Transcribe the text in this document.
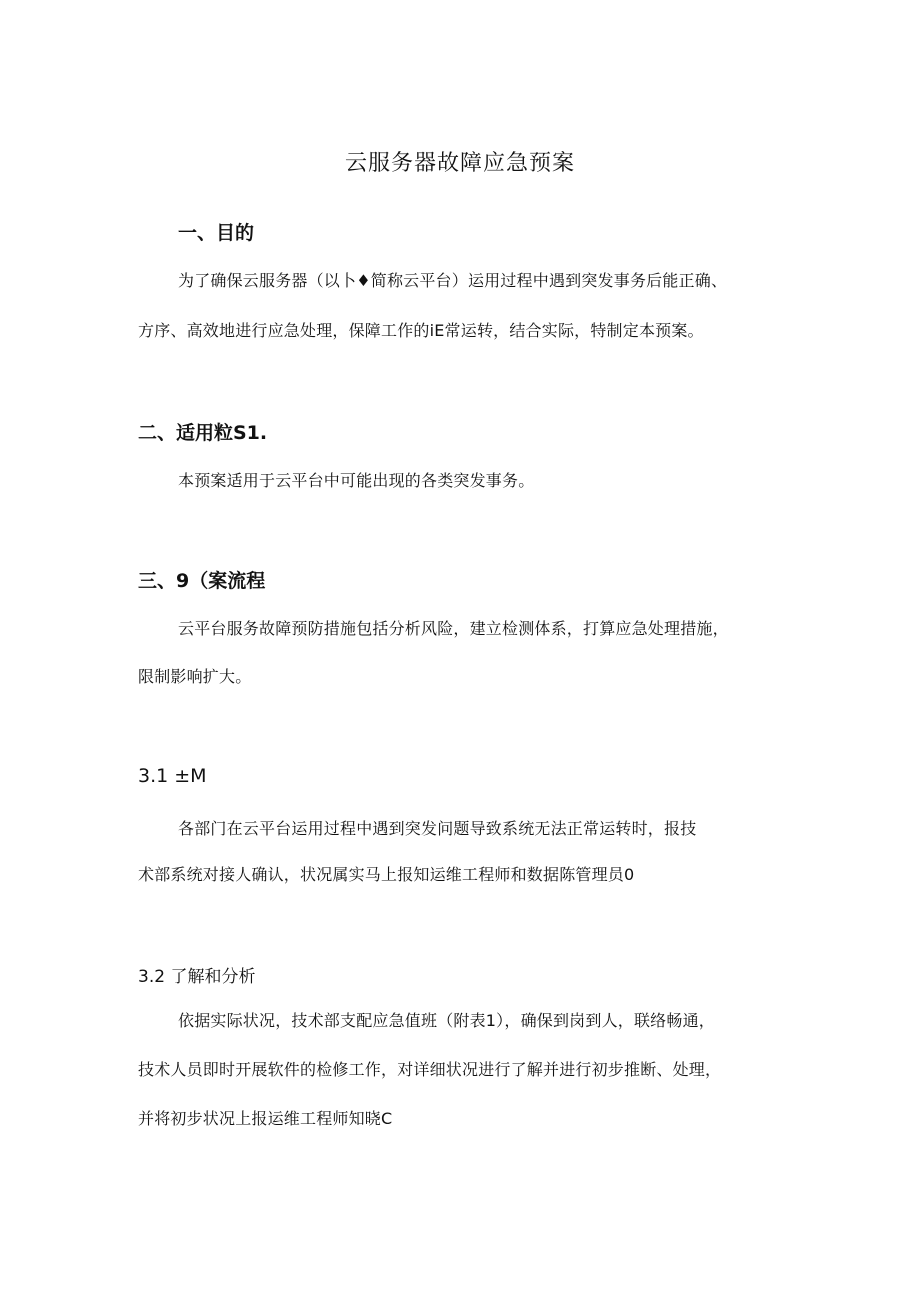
云服务器故障应急预案
一、目的
为了确保云服务器（以卜♦简称云平台）运用过程中遇到突发事务后能正确、
方序、高效地进行应急处理，保障工作的iE常运转，结合实际，特制定本预案。
二、适用粒S1.
本预案适用于云平台中可能出现的各类突发事务。
三、9（案流程
云平台服务故障预防措施包括分析风险，建立检测体系，打算应急处理措施，
限制影响扩大。
3.1 ±M
各部门在云平台运用过程中遇到突发问题导致系统无法正常运转时，报技
术部系统对接人确认，状况属实马上报知运维工程师和数据陈管理员0
3.2 了解和分析
依据实际状况，技术部支配应急值班（附表1），确保到岗到人，联络畅通，
技术人员即时开展软件的检修工作，对详细状况进行了解并进行初步推断、处理，
并将初步状况上报运维工程师知晓C
